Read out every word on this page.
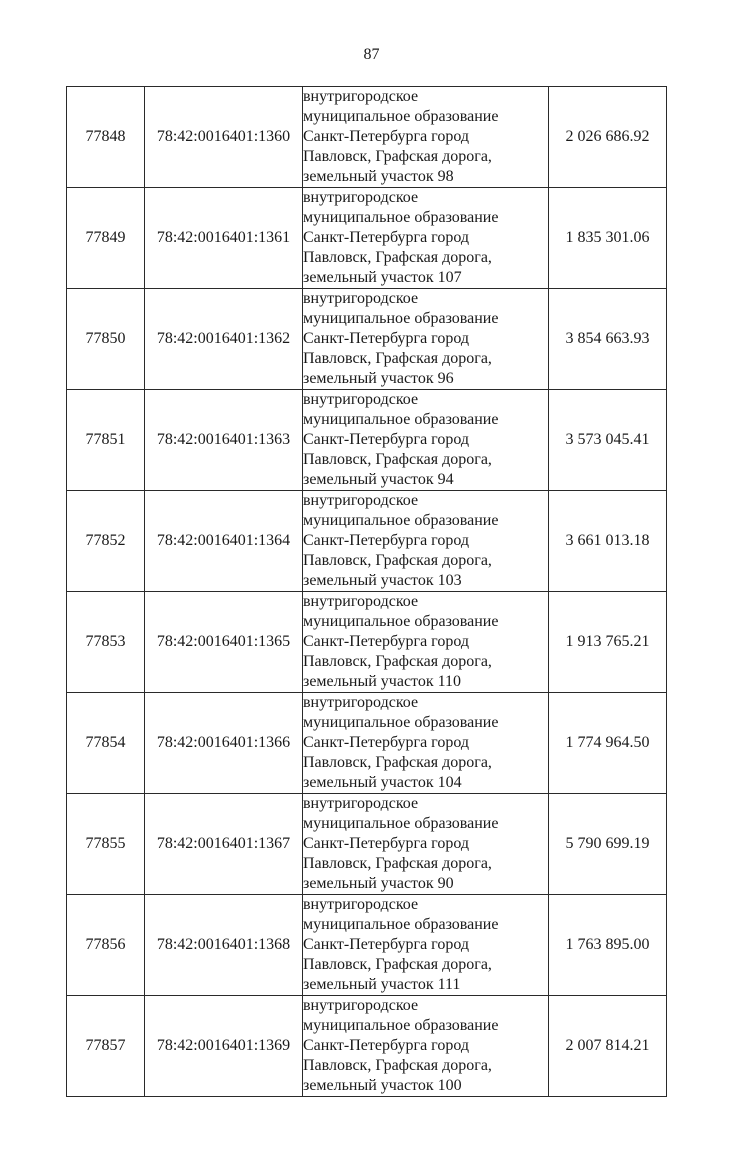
87
77848	78:42:0016401:1360	внутригородское
муниципальное образование
Санкт-Петербурга город
Павловск, Графская дорога,
земельный участок 98	2 026 686.92
77849	78:42:0016401:1361	внутригородское
муниципальное образование
Санкт-Петербурга город
Павловск, Графская дорога,
земельный участок 107	1 835 301.06
77850	78:42:0016401:1362	внутригородское
муниципальное образование
Санкт-Петербурга город
Павловск, Графская дорога,
земельный участок 96	3 854 663.93
77851	78:42:0016401:1363	внутригородское
муниципальное образование
Санкт-Петербурга город
Павловск, Графская дорога,
земельный участок 94	3 573 045.41
77852	78:42:0016401:1364	внутригородское
муниципальное образование
Санкт-Петербурга город
Павловск, Графская дорога,
земельный участок 103	3 661 013.18
77853	78:42:0016401:1365	внутригородское
муниципальное образование
Санкт-Петербурга город
Павловск, Графская дорога,
земельный участок 110	1 913 765.21
77854	78:42:0016401:1366	внутригородское
муниципальное образование
Санкт-Петербурга город
Павловск, Графская дорога,
земельный участок 104	1 774 964.50
77855	78:42:0016401:1367	внутригородское
муниципальное образование
Санкт-Петербурга город
Павловск, Графская дорога,
земельный участок 90	5 790 699.19
77856	78:42:0016401:1368	внутригородское
муниципальное образование
Санкт-Петербурга город
Павловск, Графская дорога,
земельный участок 111	1 763 895.00
77857	78:42:0016401:1369	внутригородское
муниципальное образование
Санкт-Петербурга город
Павловск, Графская дорога,
земельный участок 100	2 007 814.21
